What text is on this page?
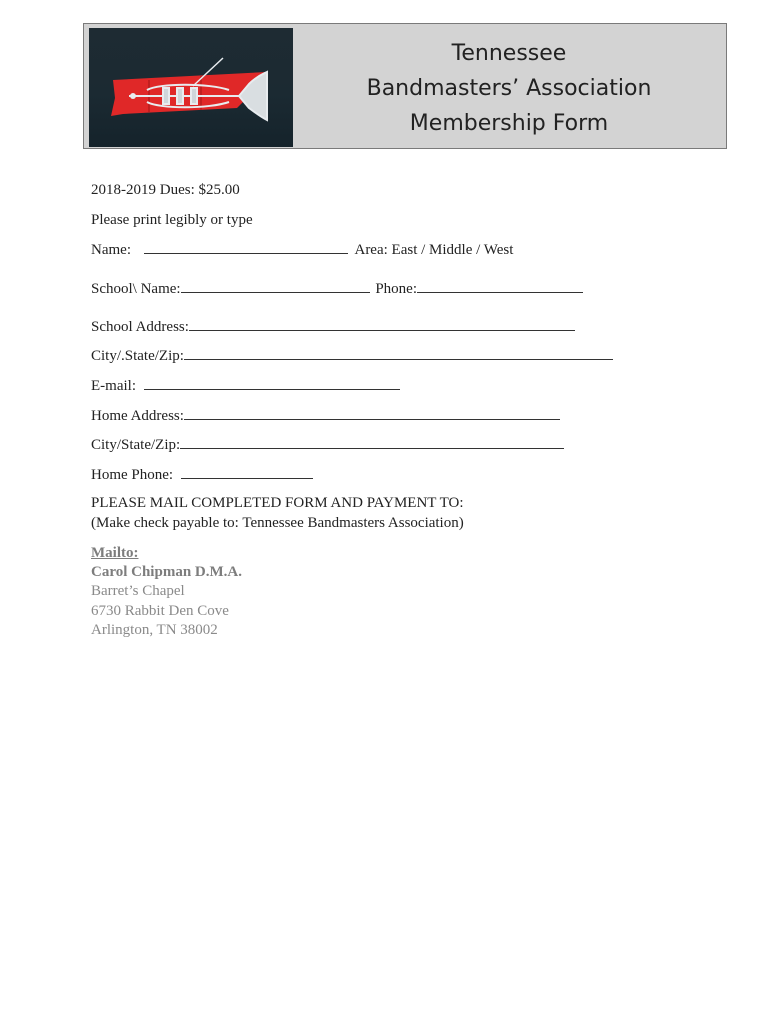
Tennessee
Bandmasters’ Association
Membership Form
2018-2019 Dues: $25.00
Please print legibly or type
Name:	Area: East / Middle / West
School\ Name:	Phone:
School Address:
City/.State/Zip:
E-mail:
Home Address:
City/State/Zip:
Home Phone:
PLEASE MAIL COMPLETED FORM AND PAYMENT TO:
(Make check payable to: Tennessee Bandmasters Association)
Mailto:
Carol Chipman D.M.A.
Barret’s Chapel
6730 Rabbit Den Cove
Arlington, TN 38002
